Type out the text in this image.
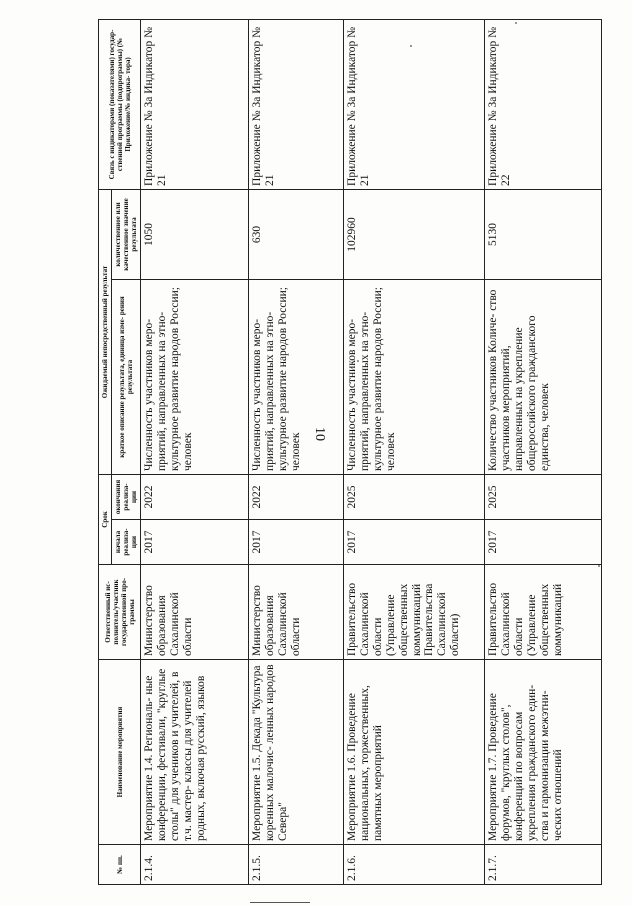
10
№ пп.	Наименование мероприятия	Ответственный ис- полнитель/участник государственной про- граммы	Срок		Ожидаемый непосредственный результат		Связь с индикаторами (показателями) государ- ственной программы (подпрограммы) (№ Приложение/№ индика- тора)
			начала реализа- ции	окончания реализа- ции	краткое описание результата, единица изме- рения результата	количественное или качественное значение результата	
2.1.4.	Мероприятие 1.4. Региональ- ные конференции, фестивали, "круглые столы" для учеников и учителей, в т.ч. мастер- классы для учителей родных, включая русский, языков	Министерство образования Сахалинской области	2017	2022	Численность участников меро- приятий, направленных на этно- культурное развитие народов России; человек	1050	Приложение № За Индикатор № 21
2.1.5.	Мероприятие 1.5. Декада "Культура коренных малочис- ленных народов Севера"	Министерство образования Сахалинской области	2017	2022	Численность участников меро- приятий, направленных на этно- культурное развитие народов России; человек	630	Приложение № За Индикатор № 21
2.1.6.	Мероприятие 1.6. Проведение национальных, торжественных, памятных мероприятий	Правительство Сахалинской области (Управление общественных коммуникаций Правительства Сахалинской области)	2017	2025	Численность участников меро- приятий, направленных на этно- культурное развитие народов России; человек	102960	Приложение № За Индикатор № 21
2.1.7.	Мероприятие 1.7. Проведение форумов, "круглых столов", конференций по вопросам укрепления гражданского един- ства и гармонизации межэтни- ческих отношений	Правительство Сахалинской области (Управление общественных коммуникаций	2017	2025	Количество участников Количе- ство участников мероприятий, направленных на укрепление общероссийского гражданского единства, человек	5130	Приложение № За Индикатор № 22
